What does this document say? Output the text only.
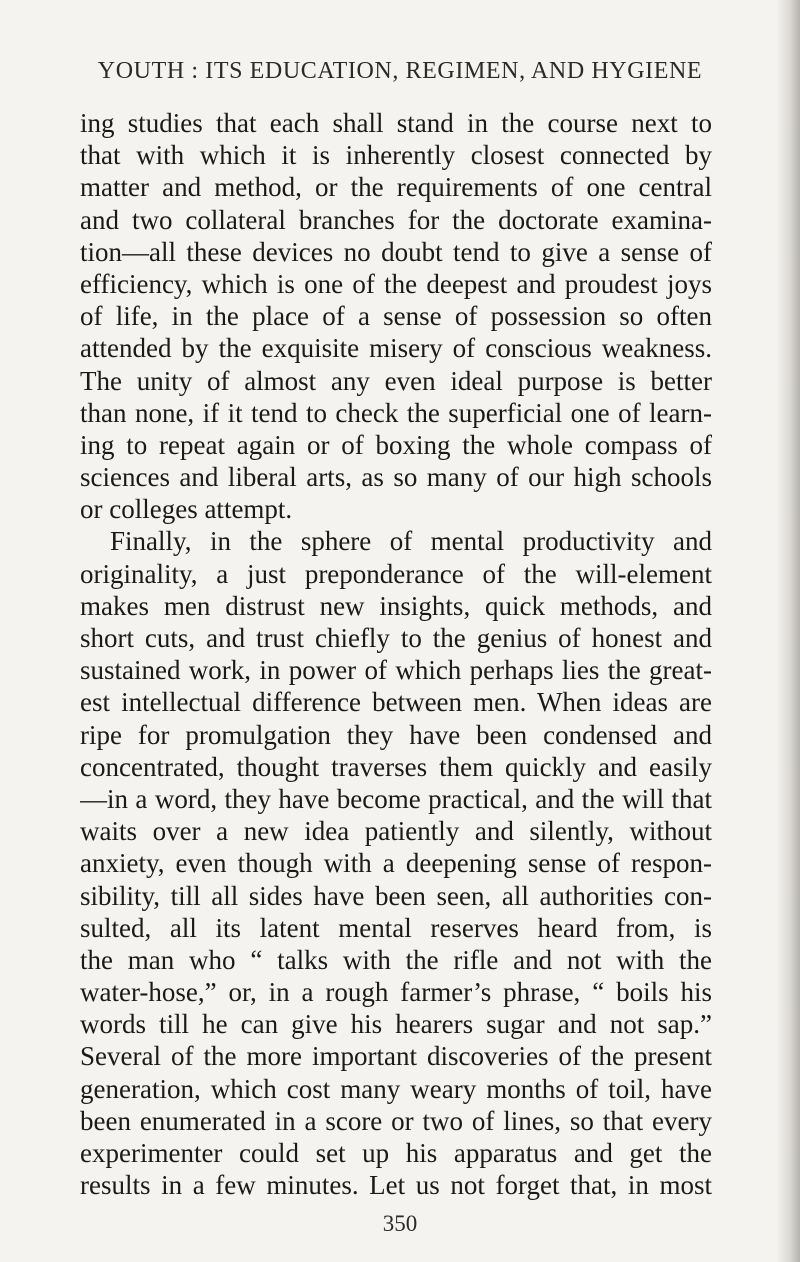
YOUTH : ITS EDUCATION, REGIMEN, AND HYGIENE
ing studies that each shall stand in the course next to
that with which it is inherently closest connected by
matter and method, or the requirements of one central
and two collateral branches for the doctorate examina-
tion—all these devices no doubt tend to give a sense of
efficiency, which is one of the deepest and proudest joys
of life, in the place of a sense of possession so often
attended by the exquisite misery of conscious weakness.
The unity of almost any even ideal purpose is better
than none, if it tend to check the superficial one of learn-
ing to repeat again or of boxing the whole compass of
sciences and liberal arts, as so many of our high schools
or colleges attempt.
Finally, in the sphere of mental productivity and
originality, a just preponderance of the will-element
makes men distrust new insights, quick methods, and
short cuts, and trust chiefly to the genius of honest and
sustained work, in power of which perhaps lies the great-
est intellectual difference between men. When ideas are
ripe for promulgation they have been condensed and
concentrated, thought traverses them quickly and easily
—in a word, they have become practical, and the will that
waits over a new idea patiently and silently, without
anxiety, even though with a deepening sense of respon-
sibility, till all sides have been seen, all authorities con-
sulted, all its latent mental reserves heard from, is
the man who “ talks with the rifle and not with the
water-hose,” or, in a rough farmer’s phrase, “ boils his
words till he can give his hearers sugar and not sap.”
Several of the more important discoveries of the present
generation, which cost many weary months of toil, have
been enumerated in a score or two of lines, so that every
experimenter could set up his apparatus and get the
results in a few minutes. Let us not forget that, in most
350
